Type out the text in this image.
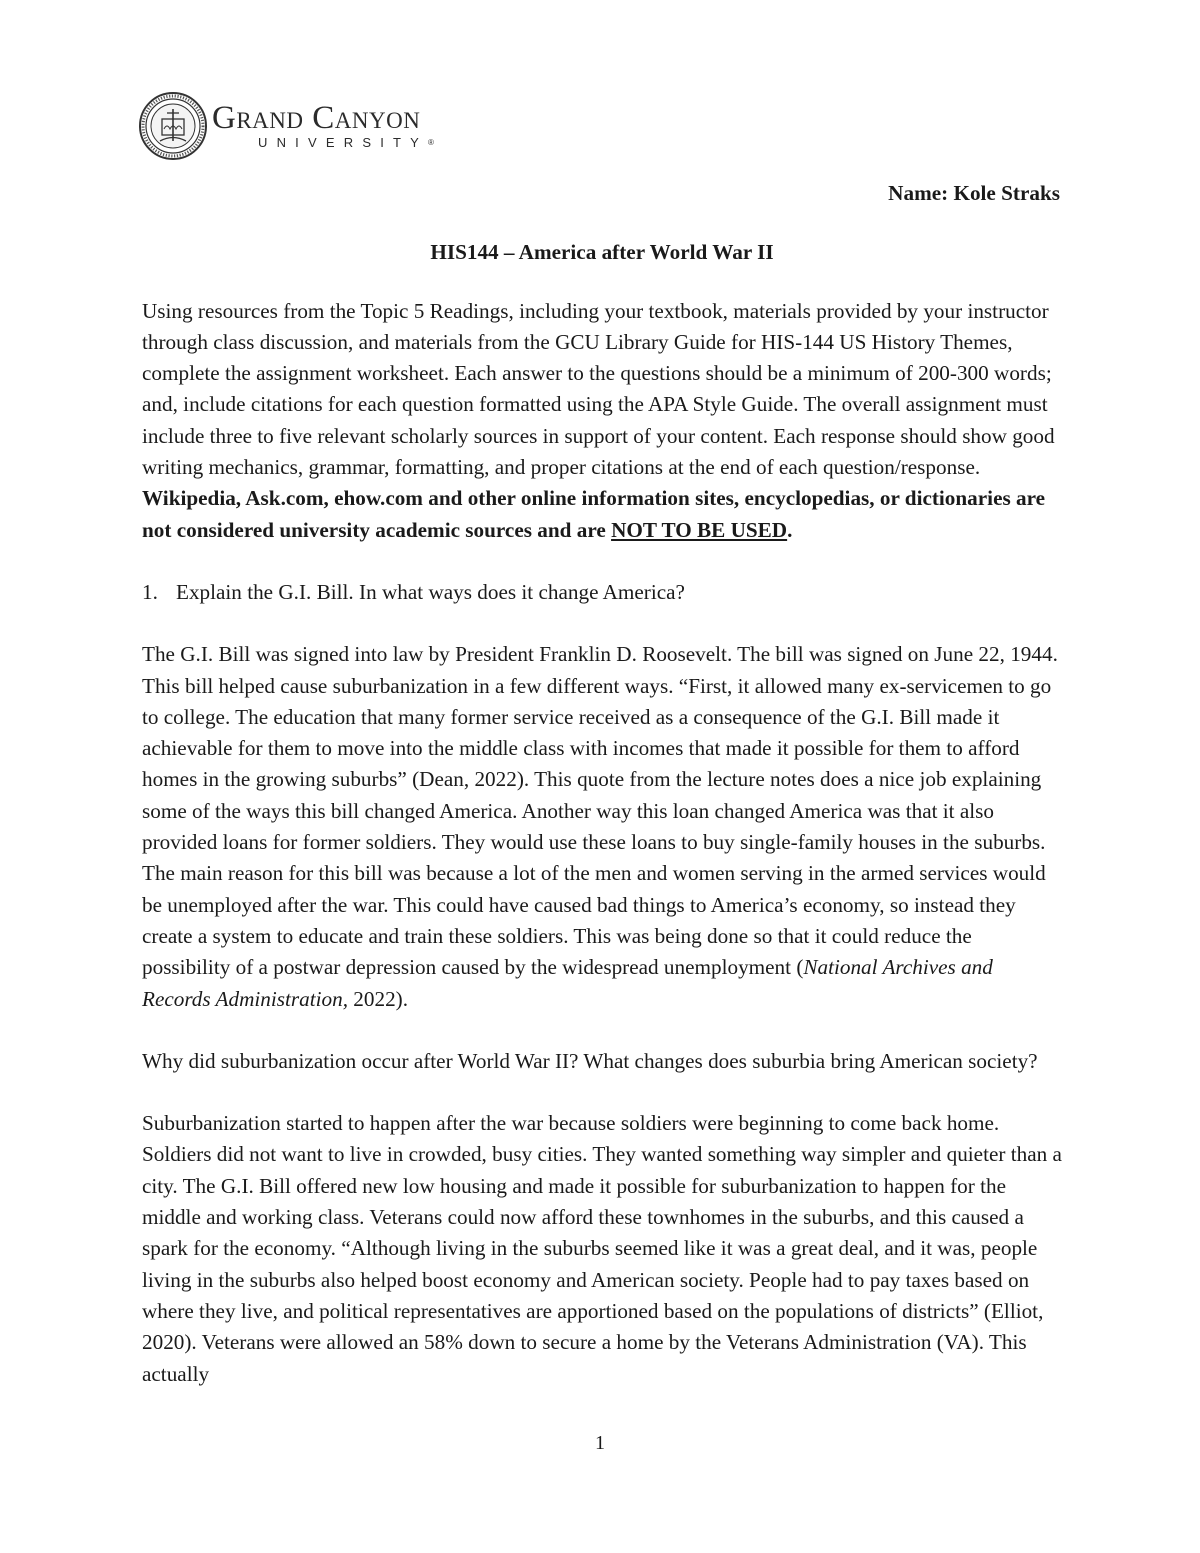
Grand Canyon
UNIVERSITY®
Name: Kole Straks
HIS144 – America after World War II

Using resources from the Topic 5 Readings, including your textbook, materials provided by your instructor through class discussion, and materials from the GCU Library Guide for HIS-144 US History Themes, complete the assignment worksheet. Each answer to the questions should be a minimum of 200-300 words; and, include citations for each question formatted using the APA Style Guide. The overall assignment must include three to five relevant scholarly sources in support of your content. Each response should show good writing mechanics, grammar, formatting, and proper citations at the end of each question/response. Wikipedia, Ask.com, ehow.com and other online information sites, encyclopedias, or dictionaries are not considered university academic sources and are NOT TO BE USED.

1. Explain the G.I. Bill. In what ways does it change America?

The G.I. Bill was signed into law by President Franklin D. Roosevelt. The bill was signed on June 22, 1944. This bill helped cause suburbanization in a few different ways. “First, it allowed many ex-servicemen to go to college. The education that many former service received as a consequence of the G.I. Bill made it achievable for them to move into the middle class with incomes that made it possible for them to afford homes in the growing suburbs” (Dean, 2022). This quote from the lecture notes does a nice job explaining some of the ways this bill changed America. Another way this loan changed America was that it also provided loans for former soldiers. They would use these loans to buy single-family houses in the suburbs. The main reason for this bill was because a lot of the men and women serving in the armed services would be unemployed after the war. This could have caused bad things to America’s economy, so instead they create a system to educate and train these soldiers. This was being done so that it could reduce the possibility of a postwar depression caused by the widespread unemployment (National Archives and Records Administration, 2022).

Why did suburbanization occur after World War II? What changes does suburbia bring American society?

Suburbanization started to happen after the war because soldiers were beginning to come back home. Soldiers did not want to live in crowded, busy cities. They wanted something way simpler and quieter than a city. The G.I. Bill offered new low housing and made it possible for suburbanization to happen for the middle and working class. Veterans could now afford these townhomes in the suburbs, and this caused a spark for the economy. “Although living in the suburbs seemed like it was a great deal, and it was, people living in the suburbs also helped boost economy and American society. People had to pay taxes based on where they live, and political representatives are apportioned based on the populations of districts” (Elliot, 2020). Veterans were allowed an 58% down to secure a home by the Veterans Administration (VA). This actually

1
